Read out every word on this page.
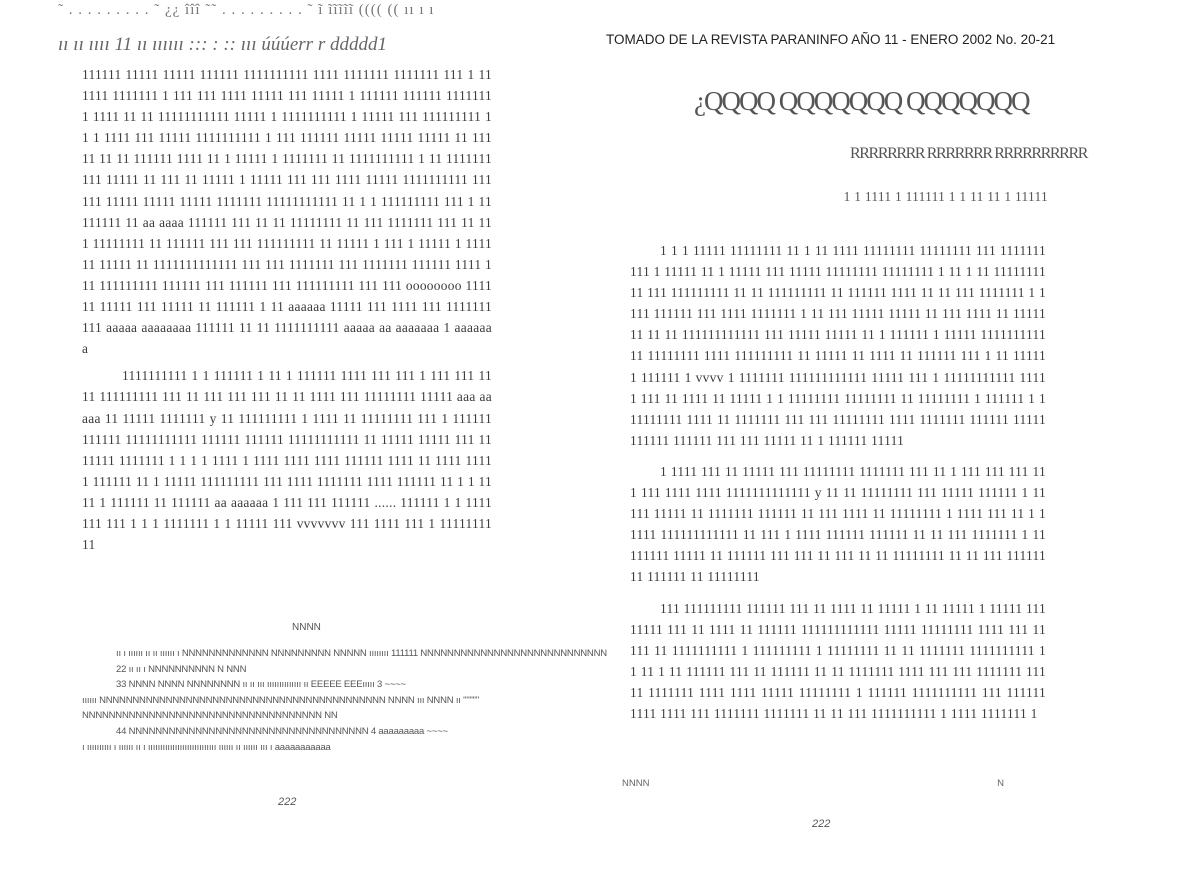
˜ . . . . . . . . . ˜ ¿¿ îîî ˜˜ . . . . . . . . . ˜ ĩ ĩĩĩĩĩ (((( (( ıı ı ı
ıı ıı ıııı 11 ıı ıııııı ::: : :: ııı úúúerr r ddddd1

111111 11111 11111 111111 1111111111 1111 1111111 1111111 111 1 111111 1111111 1 111 111 1111 11111 111 11111 1 111111 111111 11111111 1111 11 11 11111111111 11111 1 1111111111 1 11111 111 111111111 11 1 1111 111 11111 1111111111 1 111 111111 11111 11111 11111 11 11111 11 11 111111 1111 11 1 11111 1 1111111 11 1111111111 1 11 1111111 111 11111 11 111 11 11111 1 11111 111 111 1111 11111 1111111111 111 111 11111 11111 11111 1111111 11111111111 11 1 1 111111111 111 1 11 111111 11 aa aaaa 111111 111 11 11 11111111 11 111 1111111 111 11 111 11111111 11 111111 111 111 111111111 11 11111 1 111 1 11111 1 111111 11111 11 1111111111111 111 111 1111111 111 1111111 111111 1111 111 111111111 111111 111 111111 111 111111111 111 111 oooooooo 1111 11 11111 111 11111 11 111111 1 11 aaaaaa 11111 111 1111 111 1111111 111 aaaaa aaaaaaaa 111111 11 11 1111111111 aaaaa aa aaaaaaa 1 aaaaaaa

1111111111 1 1 111111 1 11 1 111111 1111 111 111 1 111 111 1111 111111111 111 11 111 111 111 11 11 1111 111 11111111 11111 aaa aaaaa 11 11111 1111111 y 11 111111111 1 1111 11 11111111 111 1 111111 111111 11111111111 111111 111111 11111111111 11 11111 11111 111 1111111 1111111 1 1 1 1 1111 1 1111 1111 1111 111111 1111 11 1111 11111 111111 11 1 11111 111111111 111 1111 1111111 1111 111111 11 1 1 1111 1 111111 11 111111 aa aaaaaa 1 111 111 111111 ...... 111111 1 1 1111111 111 1 1 1 1111111 1 1 11111 111 vvvvvvv 111 1111 111 1 1111111111

NNNN
ıı ı ıııııı ıı ıı ıııııı ı NNNNNNNNNNNNN NNNNNNNNN NNNNN ıııııııı 111111 NNNNNNNNNNNNNNNNNNNNNNNNNNNN
22 ıı ıı ı NNNNNNNNNN N NNN
33 NNNN NNNN NNNNNNNN ıı ıı ııı ıııııııııııııı ıı EEEEE EEEııııı 3 ~~~~
ıııııı NNNNNNNNNNNNNNNNNNNNNNNNNNNNNNNNNNNNNNNNNNN NNNN ııı NNNN ıı """""
NNNNNNNNNNNNNNNNNNNNNNNNNNNNNNNNNNNN NN
44 NNNNNNNNNNNNNNNNNNNNNNNNNNNNNNNNNNNN 4 aaaaaaaaa ~~~~
ı ıııııııııı ı ıııııı ıı ı ıııııııııııııııııııııııııııı ıııııı ıı ıııııı ııı ı aaaaaaaaaaa
222
TOMADO DE LA REVISTA PARANINFO AÑO 11 - ENERO 2002 No. 20-21
¿QQQQ QQQQQQQ QQQQQQQ
RRRRRRRR RRRRRRR RRRRRRRRRR
1 1 1111 1 111111 1 1 11 11 1 11111

1 1 1 11111 11111111 11 1 11 1111 11111111 11111111 111 1111111111 1 11111 11 1 11111 111 11111 11111111 11111111 1 11 1 11 1111111111 111 111111111 11 11 111111111 11 111111 1111 11 11 111 1111111 1 1111 111111 111 1111 1111111 1 11 111 11111 11111 11 111 1111 11 1111111 11 11 111111111111 111 11111 11111 11 1 111111 1 11111 111111111111 11111111 1111 111111111 11 11111 11 1111 11 111111 111 1 11 111111 111111 1 vvvv 1 1111111 111111111111 11111 111 1 11111111111 11111 111 11 1111 11 11111 1 1 11111111 11111111 11 11111111 1 111111 1 1 11111111 1111 11 1111111 111 111 11111111 1111 1111111 111111 11111 111111 111111 111 111 11111 11 1 111111 11111

1 1111 111 11 11111 111 11111111 1111111 111 11 1 111 111 111 111 111 1111 1111 1111111111111 y 11 11 11111111 111 11111 111111 1 11111 11111 11 1111111 111111 11 111 1111 11 11111111 1 1111 111 11 1 11111 111111111111 11 111 1 1111 111111 111111 11 11 111 1111111 1 11 111111 11111 11 111111 111 111 11 111 11 11 11111111 11 11 111 111111 11 111111 11 11111111

111 111111111 111111 111 11 1111 11 11111 1 11 11111 1 11111 11111111 111 11 1111 11 111111 111111111111 11111 11111111 1111 111 11111 11 1111111111 1 111111111 1 11111111 11 11 1111111 1111111111 11 11 1 11 111111 111 11 111111 11 11 1111111 1111 111 111 1111111 11111 1111111 1111 1111 11111 11111111 1 111111 1111111111 111 111111 1111 1111 111 1111111 1111111 11 11 111 1111111111 1 1111 1111111 1

NNNN	N
222
